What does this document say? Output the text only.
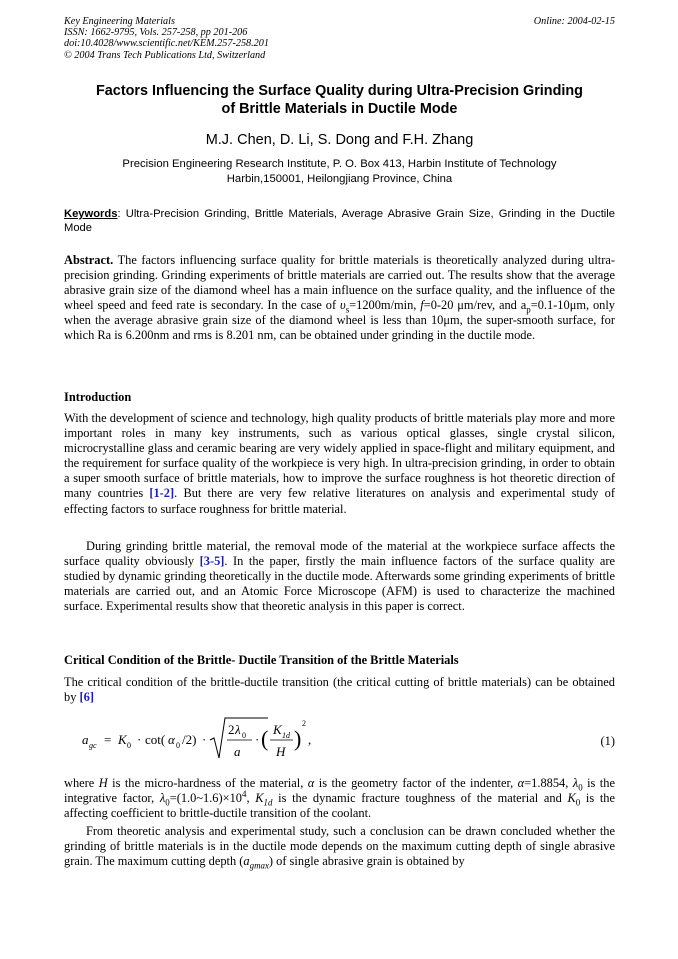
Key Engineering Materials
ISSN: 1662-9795, Vols. 257-258, pp 201-206
doi:10.4028/www.scientific.net/KEM.257-258.201
© 2004 Trans Tech Publications Ltd, Switzerland
Online: 2004-02-15
Factors Influencing the Surface Quality during Ultra-Precision Grinding
of Brittle Materials in Ductile Mode
M.J. Chen, D. Li, S. Dong and F.H. Zhang
Precision Engineering Research Institute, P. O. Box 413, Harbin Institute of Technology
Harbin,150001, Heilongjiang Province, China
Keywords: Ultra-Precision Grinding, Brittle Materials, Average Abrasive Grain Size, Grinding in the Ductile Mode
Abstract. The factors influencing surface quality for brittle materials is theoretically analyzed during ultra-precision grinding. Grinding experiments of brittle materials are carried out. The results show that the average abrasive grain size of the diamond wheel has a main influence on the surface quality, and the influence of the wheel speed and feed rate is secondary. In the case of $\upsilon_s=1200m/\min$, f=0-20 μm/rev, and $a_p=0.1-10\mu m$, only when the average abrasive grain size of the diamond wheel is less than 10μm, the super-smooth surface, for which Ra is 6.200nm and rms is 8.201 nm, can be obtained under grinding in the ductile mode.
Introduction
With the development of science and technology, high quality products of brittle materials play more and more important roles in many key instruments, such as various optical glasses, single crystal silicon, microcrystalline glass and ceramic bearing are very widely applied in space-flight and military equipment, and the requirement for surface quality of the workpiece is very high. In ultra-precision grinding, in order to obtain a super smooth surface of brittle materials, how to improve the surface roughness is hot theoretic direction of many countries [1-2]. But there are very few relative literatures on analysis and experimental study of effecting factors to surface roughness for brittle material.
During grinding brittle material, the removal mode of the material at the workpiece surface affects the surface quality obviously [3-5]. In the paper, firstly the main influence factors of the surface quality are studied by dynamic grinding theoretically in the ductile mode. Afterwards some grinding experiments of brittle materials are carried out, and an Atomic Force Microscope (AFM) is used to characterize the machined surface. Experimental results show that theoretic analysis in this paper is correct.
Critical Condition of the Brittle- Ductile Transition of the Brittle Materials
The critical condition of the brittle-ductile transition (the critical cutting of brittle materials) can be obtained by [6]
a gc = K 0 · cot( α 0 /2) ·
2 λ 0
a
· ( K 1d
H
)
2
,	(1)
where H is the micro-hardness of the material, α is the geometry factor of the indenter, α=1.8854, $\lambda_0$ is the integrative factor, $\lambda_0=(1.0\sim 1.6)\times 10^4$, $K_{1d}$ is the dynamic fracture toughness of the material and $K_0$ is the affecting coefficient to brittle-ductile transition of the coolant.
From theoretic analysis and experimental study, such a conclusion can be drawn concluded whether the grinding of brittle materials is in the ductile mode depends on the maximum cutting depth of single abrasive grain. The maximum cutting depth $(a_{gmax})$ of single abrasive grain is obtained by
